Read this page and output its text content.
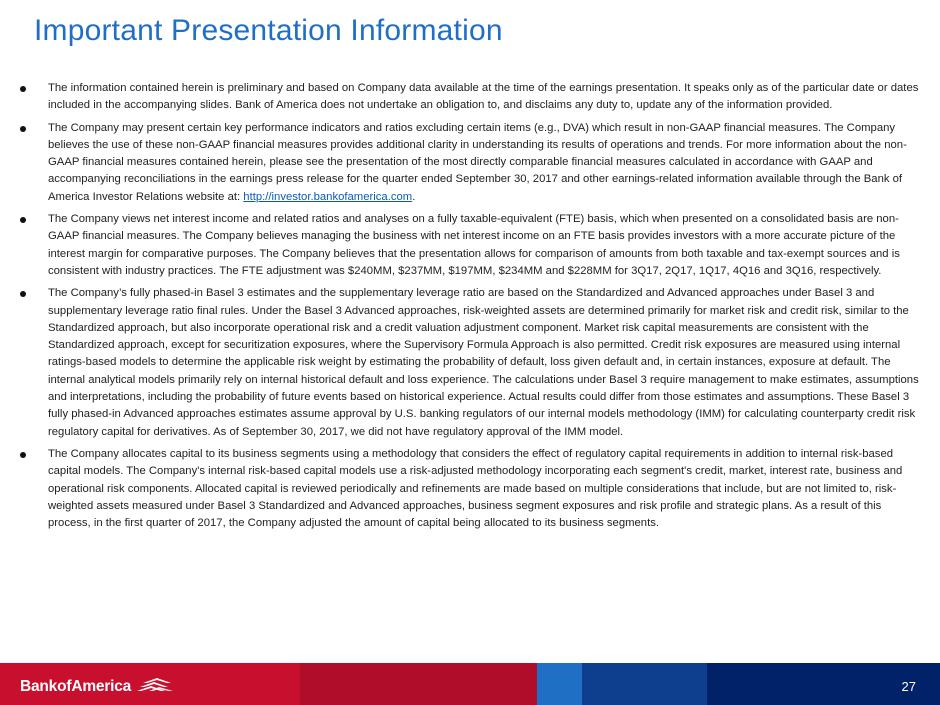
Important Presentation Information
The information contained herein is preliminary and based on Company data available at the time of the earnings presentation. It speaks only as of the particular date or dates included in the accompanying slides. Bank of America does not undertake an obligation to, and disclaims any duty to, update any of the information provided.
The Company may present certain key performance indicators and ratios excluding certain items (e.g., DVA) which result in non-GAAP financial measures. The Company believes the use of these non-GAAP financial measures provides additional clarity in understanding its results of operations and trends. For more information about the non-GAAP financial measures contained herein, please see the presentation of the most directly comparable financial measures calculated in accordance with GAAP and accompanying reconciliations in the earnings press release for the quarter ended September 30, 2017 and other earnings-related information available through the Bank of America Investor Relations website at: http://investor.bankofamerica.com.
The Company views net interest income and related ratios and analyses on a fully taxable-equivalent (FTE) basis, which when presented on a consolidated basis are non-GAAP financial measures. The Company believes managing the business with net interest income on an FTE basis provides investors with a more accurate picture of the interest margin for comparative purposes. The Company believes that the presentation allows for comparison of amounts from both taxable and tax-exempt sources and is consistent with industry practices. The FTE adjustment was $240MM, $237MM, $197MM, $234MM and $228MM for 3Q17, 2Q17, 1Q17, 4Q16 and 3Q16, respectively.
The Company’s fully phased-in Basel 3 estimates and the supplementary leverage ratio are based on the Standardized and Advanced approaches under Basel 3 and supplementary leverage ratio final rules. Under the Basel 3 Advanced approaches, risk-weighted assets are determined primarily for market risk and credit risk, similar to the Standardized approach, but also incorporate operational risk and a credit valuation adjustment component. Market risk capital measurements are consistent with the Standardized approach, except for securitization exposures, where the Supervisory Formula Approach is also permitted. Credit risk exposures are measured using internal ratings-based models to determine the applicable risk weight by estimating the probability of default, loss given default and, in certain instances, exposure at default. The internal analytical models primarily rely on internal historical default and loss experience. The calculations under Basel 3 require management to make estimates, assumptions and interpretations, including the probability of future events based on historical experience. Actual results could differ from those estimates and assumptions. These Basel 3 fully phased-in Advanced approaches estimates assume approval by U.S. banking regulators of our internal models methodology (IMM) for calculating counterparty credit risk regulatory capital for derivatives. As of September 30, 2017, we did not have regulatory approval of the IMM model.
The Company allocates capital to its business segments using a methodology that considers the effect of regulatory capital requirements in addition to internal risk-based capital models. The Company's internal risk-based capital models use a risk-adjusted methodology incorporating each segment's credit, market, interest rate, business and operational risk components. Allocated capital is reviewed periodically and refinements are made based on multiple considerations that include, but are not limited to, risk-weighted assets measured under Basel 3 Standardized and Advanced approaches, business segment exposures and risk profile and strategic plans. As a result of this process, in the first quarter of 2017, the Company adjusted the amount of capital being allocated to its business segments.
BankofAmerica	27
